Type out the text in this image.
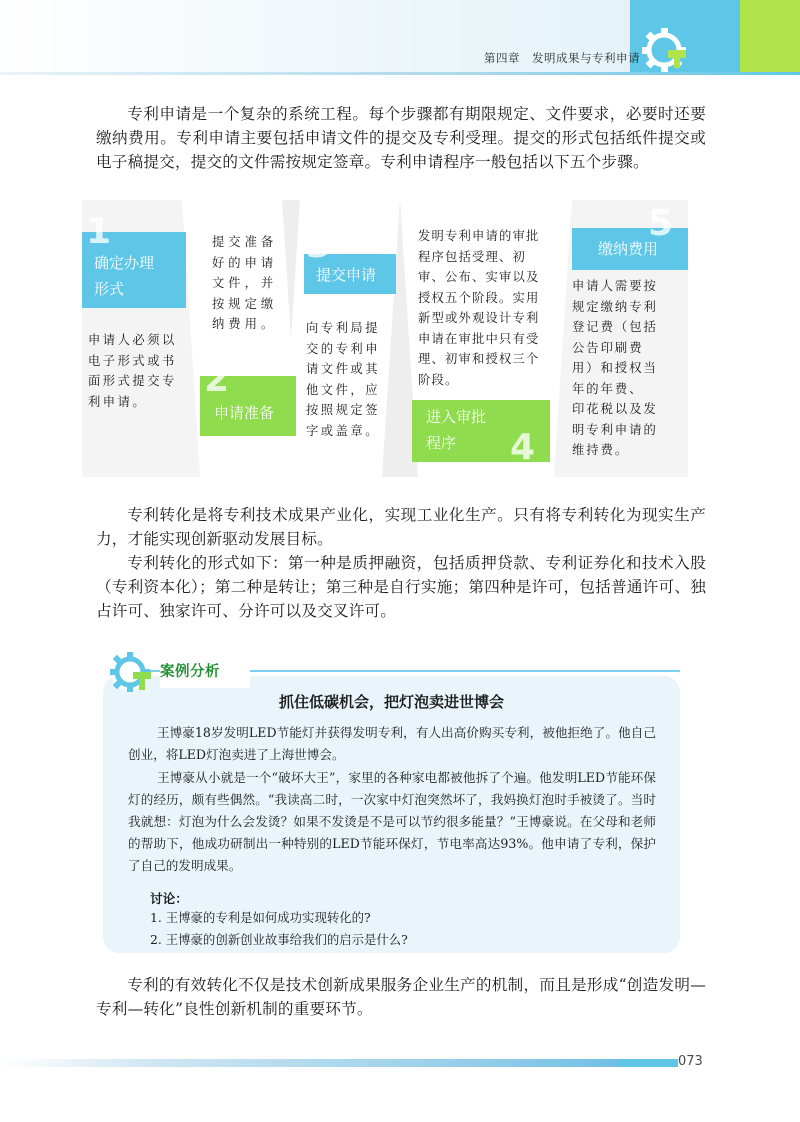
第四章　发明成果与专利申请

专利申请是一个复杂的系统工程。每个步骤都有期限规定、文件要求，必要时还要缴纳费用。专利申请主要包括申请文件的提交及专利受理。提交的形式包括纸件提交或电子稿提交，提交的文件需按规定签章。专利申请程序一般包括以下五个步骤。

1
确定办理
形式
申请人必须以
电子形式或书
面形式提交专
利申请。
提交准备
好的申请
文件，并
按规定缴
纳费用。
2
申请准备
3
提交申请
向专利局提
交的专利申
请文件或其
他文件，应
按照规定签
字或盖章。
发明专利申请的审批
程序包括受理、初
审、公布、实审以及
授权五个阶段。实用
新型或外观设计专利
申请在审批中只有受
理、初审和授权三个
阶段。
进入审批
程序	4
5
缴纳费用
申请人需要按
规定缴纳专利
登记费（包括
公告印刷费
用）和授权当
年的年费、
印花税以及发
明专利申请的
维持费。

专利转化是将专利技术成果产业化，实现工业化生产。只有将专利转化为现实生产力，才能实现创新驱动发展目标。

专利转化的形式如下：第一种是质押融资，包括质押贷款、专利证券化和技术入股（专利资本化）；第二种是转让；第三种是自行实施；第四种是许可，包括普通许可、独占许可、独家许可、分许可以及交叉许可。

案例分析
抓住低碳机会，把灯泡卖进世博会

王博豪18岁发明LED节能灯并获得发明专利，有人出高价购买专利，被他拒绝了。他自己创业，将LED灯泡卖进了上海世博会。

王博豪从小就是一个“破坏大王”，家里的各种家电都被他拆了个遍。他发明LED节能环保灯的经历，颇有些偶然。“我读高二时，一次家中灯泡突然坏了，我妈换灯泡时手被烫了。当时我就想：灯泡为什么会发烫？如果不发烫是不是可以节约很多能量？”王博豪说。在父母和老师的帮助下，他成功研制出一种特别的LED节能环保灯，节电率高达93%。他申请了专利，保护了自己的发明成果。

讨论：
1. 王博豪的专利是如何成功实现转化的?
2. 王博豪的创新创业故事给我们的启示是什么?

专利的有效转化不仅是技术创新成果服务企业生产的机制，而且是形成“创造发明—专利—转化”良性创新机制的重要环节。

073
